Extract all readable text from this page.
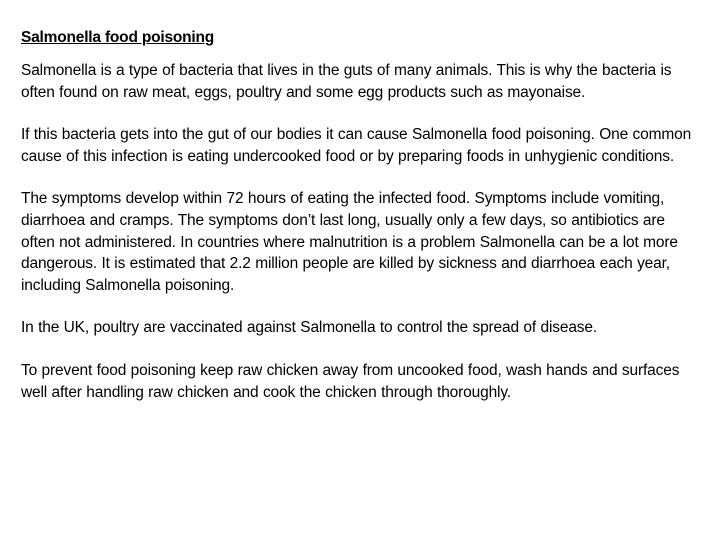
Salmonella food poisoning

Salmonella is a type of bacteria that lives in the guts of many animals. This is why the bacteria is often found on raw meat, eggs, poultry and some egg products such as mayonaise.

If this bacteria gets into the gut of our bodies it can cause Salmonella food poisoning. One common cause of this infection is eating undercooked food or by preparing foods in unhygienic conditions.

The symptoms develop within 72 hours of eating the infected food. Symptoms include vomiting, diarrhoea and cramps. The symptoms don’t last long, usually only a few days, so antibiotics are often not administered. In countries where malnutrition is a problem Salmonella can be a lot more dangerous. It is estimated that 2.2 million people are killed by sickness and diarrhoea each year, including Salmonella poisoning.

In the UK, poultry are vaccinated against Salmonella to control the spread of disease.

To prevent food poisoning keep raw chicken away from uncooked food, wash hands and surfaces well after handling raw chicken and cook the chicken through thoroughly.
